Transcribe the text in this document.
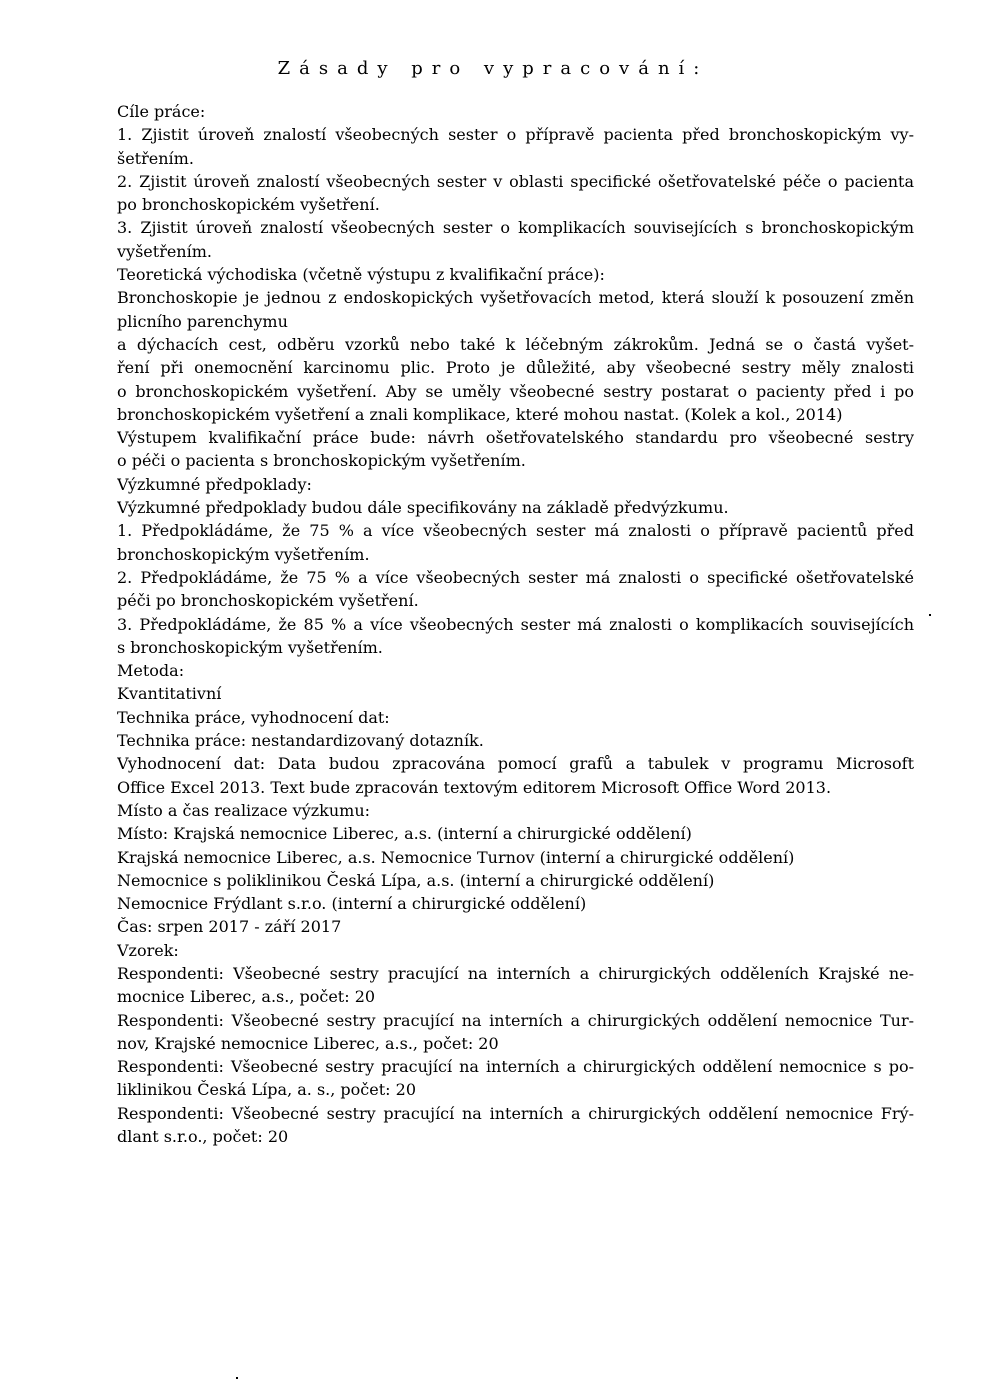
Zásady pro vypracování:
Cíle práce:
1. Zjistit úroveň znalostí všeobecných sester o přípravě pacienta před bronchoskopickým vy-
šetřením.
2. Zjistit úroveň znalostí všeobecných sester v oblasti specifické ošetřovatelské péče o pacienta
po bronchoskopickém vyšetření.
3. Zjistit úroveň znalostí všeobecných sester o komplikacích souvisejících s bronchoskopickým
vyšetřením.
Teoretická východiska (včetně výstupu z kvalifikační práce):
Bronchoskopie je jednou z endoskopických vyšetřovacích metod, která slouží k posouzení změn
plicního parenchymu
a dýchacích cest, odběru vzorků nebo také k léčebným zákrokům. Jedná se o častá vyšet-
ření při onemocnění karcinomu plic. Proto je důležité, aby všeobecné sestry měly znalosti
o bronchoskopickém vyšetření. Aby se uměly všeobecné sestry postarat o pacienty před i po
bronchoskopickém vyšetření a znali komplikace, které mohou nastat. (Kolek a kol., 2014)
Výstupem kvalifikační práce bude: návrh ošetřovatelského standardu pro všeobecné sestry
o péči o pacienta s bronchoskopickým vyšetřením.
Výzkumné předpoklady:
Výzkumné předpoklady budou dále specifikovány na základě předvýzkumu.
1. Předpokládáme, že 75 % a více všeobecných sester má znalosti o přípravě pacientů před
bronchoskopickým vyšetřením.
2. Předpokládáme, že 75 % a více všeobecných sester má znalosti o specifické ošetřovatelské
péči po bronchoskopickém vyšetření.
3. Předpokládáme, že 85 % a více všeobecných sester má znalosti o komplikacích souvisejících
s bronchoskopickým vyšetřením.
Metoda:
Kvantitativní
Technika práce, vyhodnocení dat:
Technika práce: nestandardizovaný dotazník.
Vyhodnocení dat: Data budou zpracována pomocí grafů a tabulek v programu Microsoft
Office Excel 2013. Text bude zpracován textovým editorem Microsoft Office Word 2013.
Místo a čas realizace výzkumu:
Místo: Krajská nemocnice Liberec, a.s. (interní a chirurgické oddělení)
Krajská nemocnice Liberec, a.s. Nemocnice Turnov (interní a chirurgické oddělení)
Nemocnice s poliklinikou Česká Lípa, a.s. (interní a chirurgické oddělení)
Nemocnice Frýdlant s.r.o. (interní a chirurgické oddělení)
Čas: srpen 2017 - září 2017
Vzorek:
Respondenti: Všeobecné sestry pracující na interních a chirurgických odděleních Krajské ne-
mocnice Liberec, a.s., počet: 20
Respondenti: Všeobecné sestry pracující na interních a chirurgických oddělení nemocnice Tur-
nov, Krajské nemocnice Liberec, a.s., počet: 20
Respondenti: Všeobecné sestry pracující na interních a chirurgických oddělení nemocnice s po-
liklinikou Česká Lípa, a. s., počet: 20
Respondenti: Všeobecné sestry pracující na interních a chirurgických oddělení nemocnice Frý-
dlant s.r.o., počet: 20
